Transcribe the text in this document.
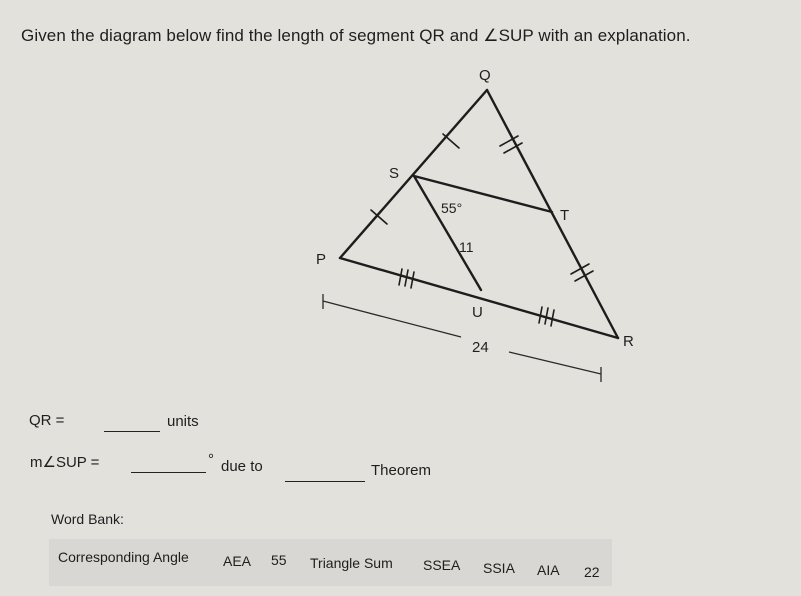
Given the diagram below find the length of segment QR and ∠SUP with an explanation.
Q
S
T
P
U
R
55°
11
24
QR =	units
m∠SUP =	° due to	Theorem
Word Bank:
Corresponding Angle AEA 55 Triangle Sum SSEA SSIA AIA 22
